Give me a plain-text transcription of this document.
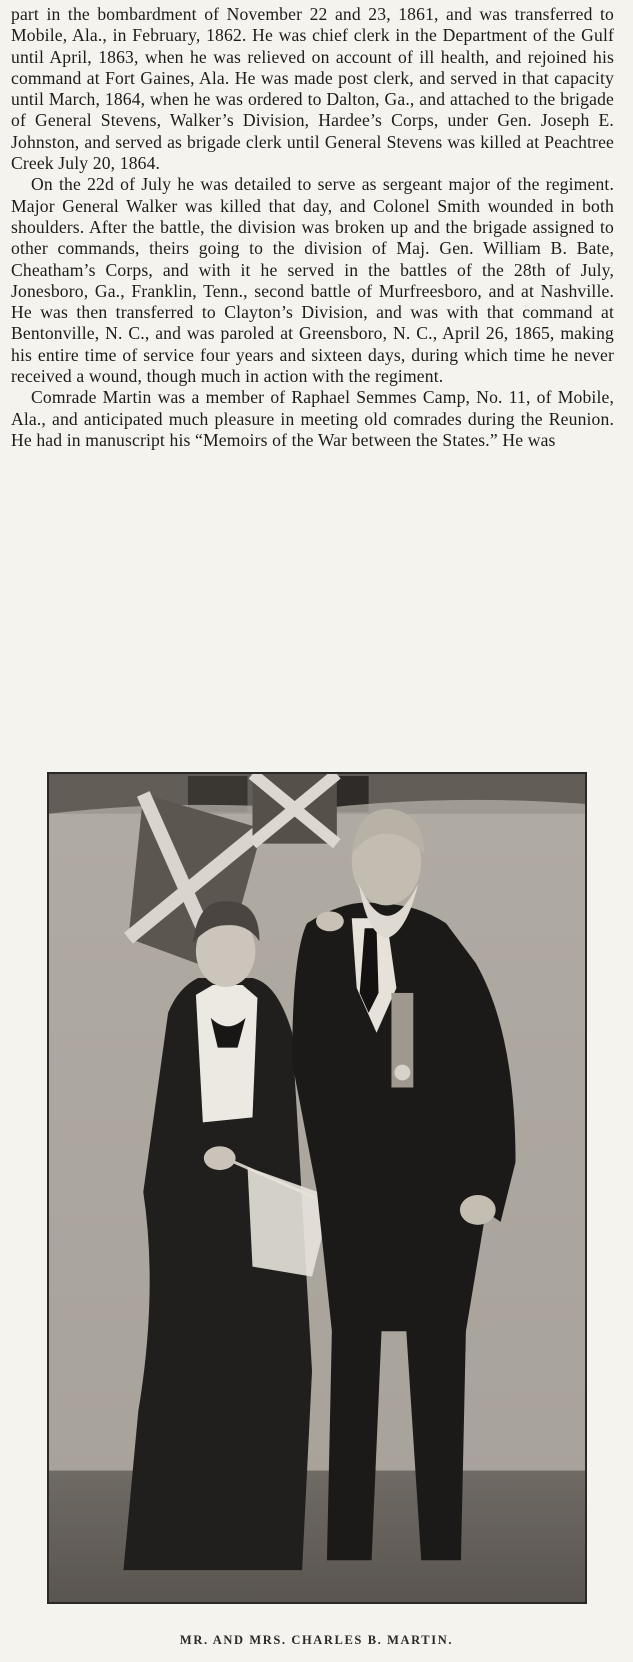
part in the bombardment of November 22 and 23, 1861, and was transferred to Mobile, Ala., in February, 1862. He was chief clerk in the Department of the Gulf until April, 1863, when he was relieved on account of ill health, and rejoined his command at Fort Gaines, Ala. He was made post clerk, and served in that capacity until March, 1864, when he was ordered to Dalton, Ga., and attached to the brigade of General Stevens, Walker’s Division, Hardee’s Corps, under Gen. Joseph E. Johnston, and served as brigade clerk until General Stevens was killed at Peachtree Creek July 20, 1864.

On the 22d of July he was detailed to serve as sergeant major of the regiment. Major General Walker was killed that day, and Colonel Smith wounded in both shoulders. After the battle, the division was broken up and the brigade assigned to other commands, theirs going to the division of Maj. Gen. William B. Bate, Cheatham’s Corps, and with it he served in the battles of the 28th of July, Jonesboro, Ga., Franklin, Tenn., second battle of Murfreesboro, and at Nashville. He was then transferred to Clayton’s Division, and was with that command at Bentonville, N. C., and was paroled at Greensboro, N. C., April 26, 1865, making his entire time of service four years and sixteen days, during which time he never received a wound, though much in action with the regiment.

Comrade Martin was a member of Raphael Semmes Camp, No. 11, of Mobile, Ala., and anticipated much pleasure in meeting old comrades during the Reunion. He had in manuscript his “Memoirs of the War between the States.” He was

MR. AND MRS. CHARLES B. MARTIN.
